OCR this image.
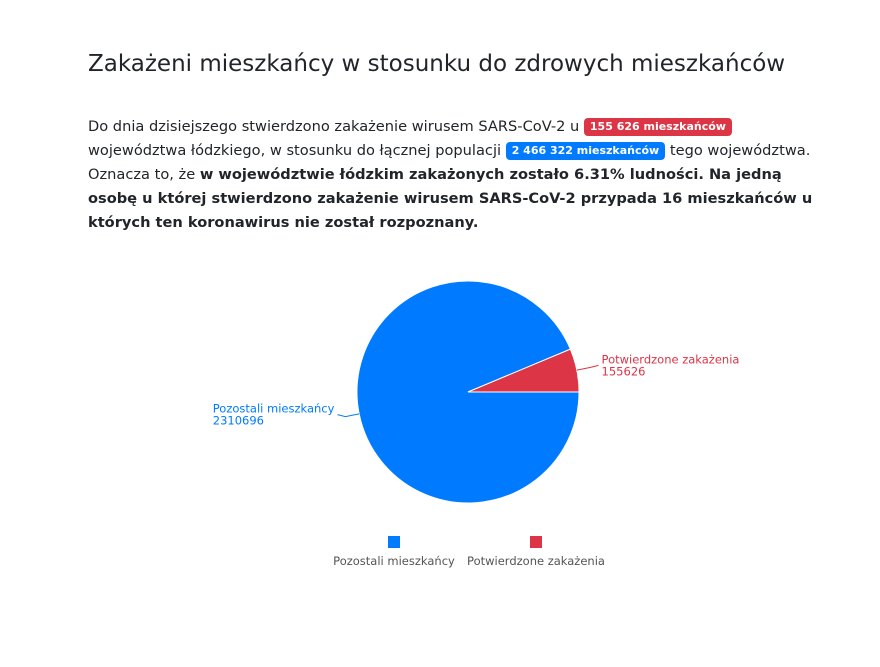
Zakażeni mieszkańcy w stosunku do zdrowych mieszkańców

Do dnia dzisiejszego stwierdzono zakażenie wirusem SARS-CoV-2 u 155 626 mieszkańców województwa łódzkiego, w stosunku do łącznej populacji 2 466 322 mieszkańców tego województwa. Oznacza to, że w województwie łódzkim zakażonych zostało 6.31% ludności. Na jedną osobę u której stwierdzono zakażenie wirusem SARS-CoV-2 przypada 16 mieszkańców u których ten koronawirus nie został rozpoznany.

Pozostali mieszkańcy
2310696
Potwierdzone zakażenia
155626
Pozostali mieszkańcy Potwierdzone zakażenia
